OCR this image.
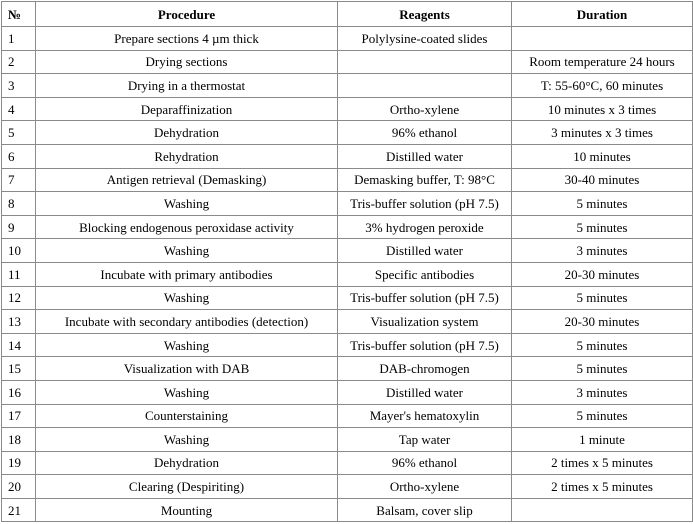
№	Procedure	Reagents	Duration
1	Prepare sections 4 µm thick	Polylysine-coated slides	
2	Drying sections		Room temperature 24 hours
3	Drying in a thermostat		T: 55-60°C, 60 minutes
4	Deparaffinization	Ortho-xylene	10 minutes x 3 times
5	Dehydration	96% ethanol	3 minutes x 3 times
6	Rehydration	Distilled water	10 minutes
7	Antigen retrieval (Demasking)	Demasking buffer, T: 98°C	30-40 minutes
8	Washing	Tris-buffer solution (pH 7.5)	5 minutes
9	Blocking endogenous peroxidase activity	3% hydrogen peroxide	5 minutes
10	Washing	Distilled water	3 minutes
11	Incubate with primary antibodies	Specific antibodies	20-30 minutes
12	Washing	Tris-buffer solution (pH 7.5)	5 minutes
13	Incubate with secondary antibodies (detection)	Visualization system	20-30 minutes
14	Washing	Tris-buffer solution (pH 7.5)	5 minutes
15	Visualization with DAB	DAB-chromogen	5 minutes
16	Washing	Distilled water	3 minutes
17	Counterstaining	Mayer's hematoxylin	5 minutes
18	Washing	Tap water	1 minute
19	Dehydration	96% ethanol	2 times x 5 minutes
20	Clearing (Despiriting)	Ortho-xylene	2 times x 5 minutes
21	Mounting	Balsam, cover slip	
